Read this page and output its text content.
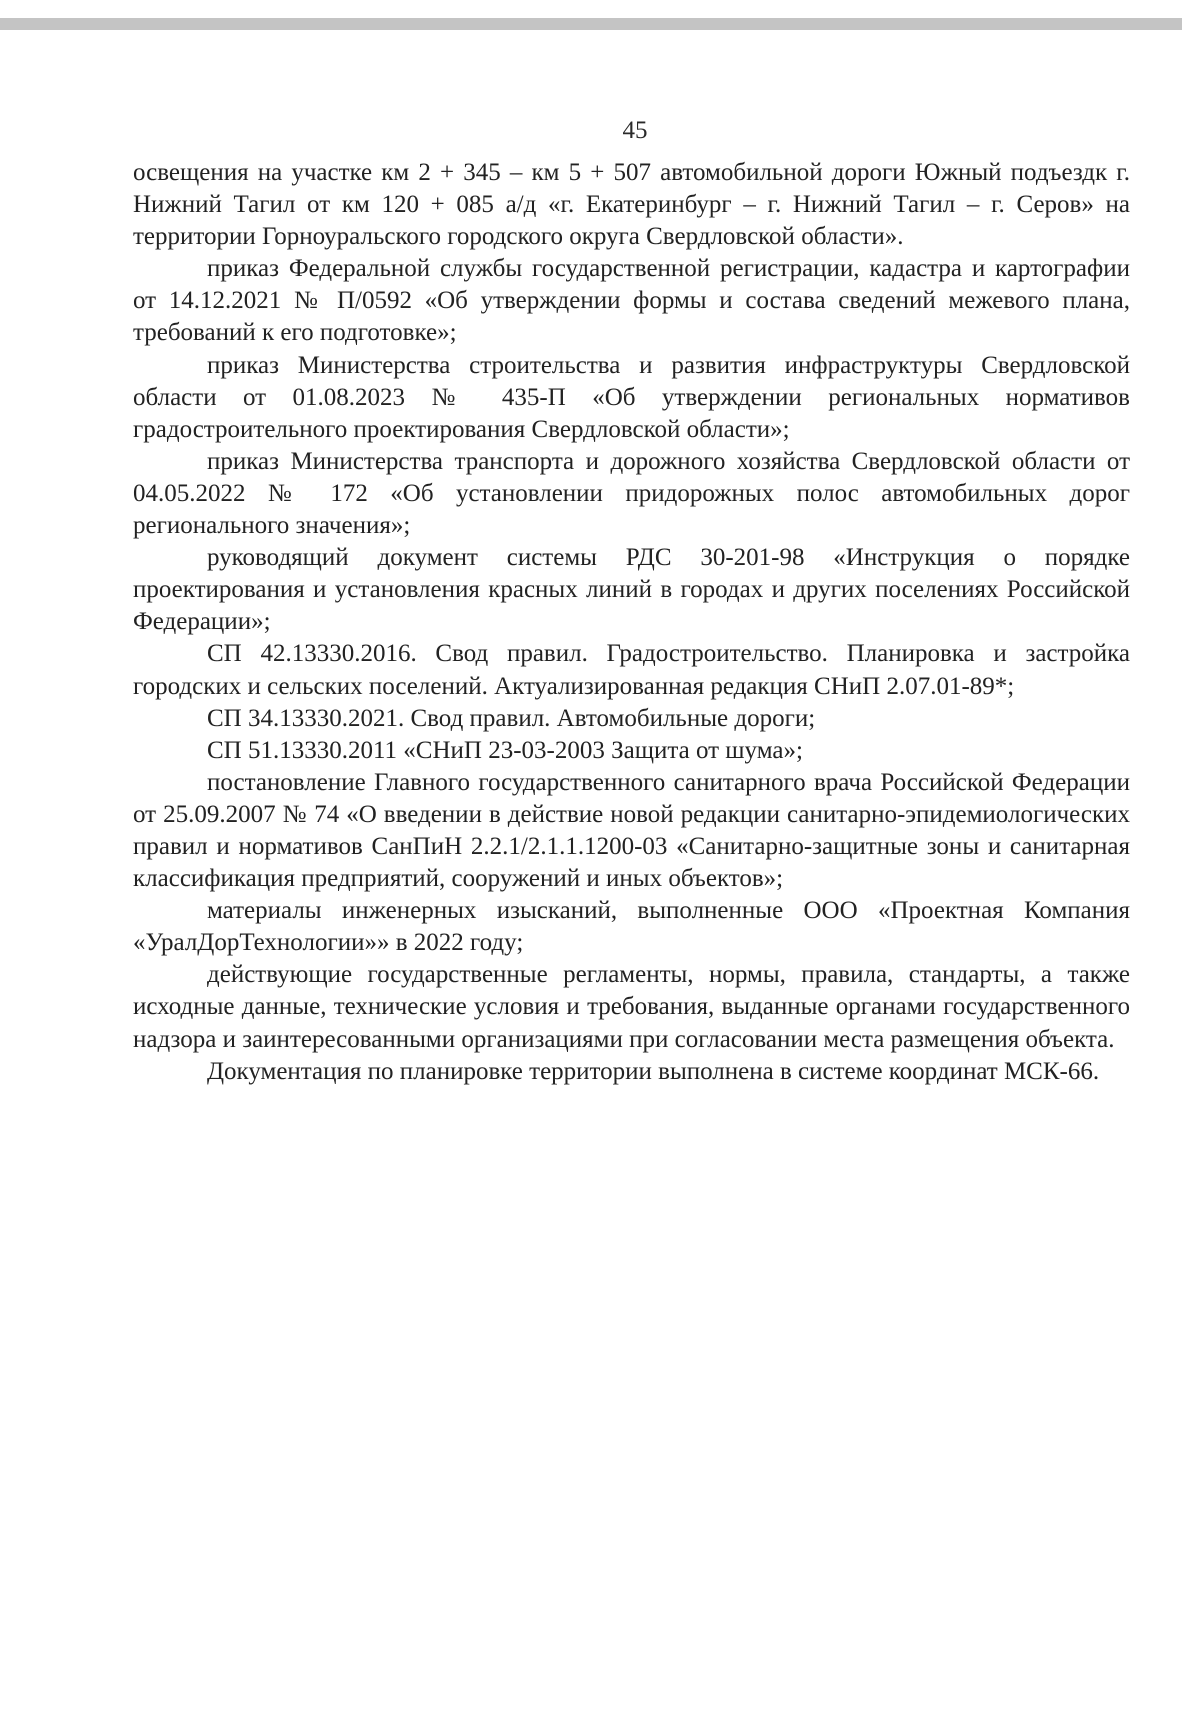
45

освещения на участке км 2 + 345 – км 5 + 507 автомобильной дороги Южный подъездк г. Нижний Тагил от км 120 + 085 а/д «г. Екатеринбург – г. Нижний Тагил – г. Серов» на территории Горноуральского городского округа Свердловской области».

приказ Федеральной службы государственной регистрации, кадастра и картографии от 14.12.2021 № П/0592 «Об утверждении формы и состава сведений межевого плана, требований к его подготовке»;

приказ Министерства строительства и развития инфраструктуры Свердловской области от 01.08.2023 № 435-П «Об утверждении региональных нормативов градостроительного проектирования Свердловской области»;

приказ Министерства транспорта и дорожного хозяйства Свердловской области от 04.05.2022 № 172 «Об установлении придорожных полос автомобильных дорог регионального значения»;

руководящий документ системы РДС 30-201-98 «Инструкция о порядке проектирования и установления красных линий в городах и других поселениях Российской Федерации»;

СП 42.13330.2016. Свод правил. Градостроительство. Планировка и застройка городских и сельских поселений. Актуализированная редакция СНиП 2.07.01-89*;

СП 34.13330.2021. Свод правил. Автомобильные дороги;

СП 51.13330.2011 «СНиП 23-03-2003 Защита от шума»;

постановление Главного государственного санитарного врача Российской Федерации от 25.09.2007 № 74 «О введении в действие новой редакции санитарно-эпидемиологических правил и нормативов СанПиН 2.2.1/2.1.1.1200-03 «Санитарно-защитные зоны и санитарная классификация предприятий, сооружений и иных объектов»;

материалы инженерных изысканий, выполненные ООО «Проектная Компания «УралДорТехнологии»» в 2022 году;

действующие государственные регламенты, нормы, правила, стандарты, а также исходные данные, технические условия и требования, выданные органами государственного надзора и заинтересованными организациями при согласовании места размещения объекта.

Документация по планировке территории выполнена в системе координат МСК-66.
